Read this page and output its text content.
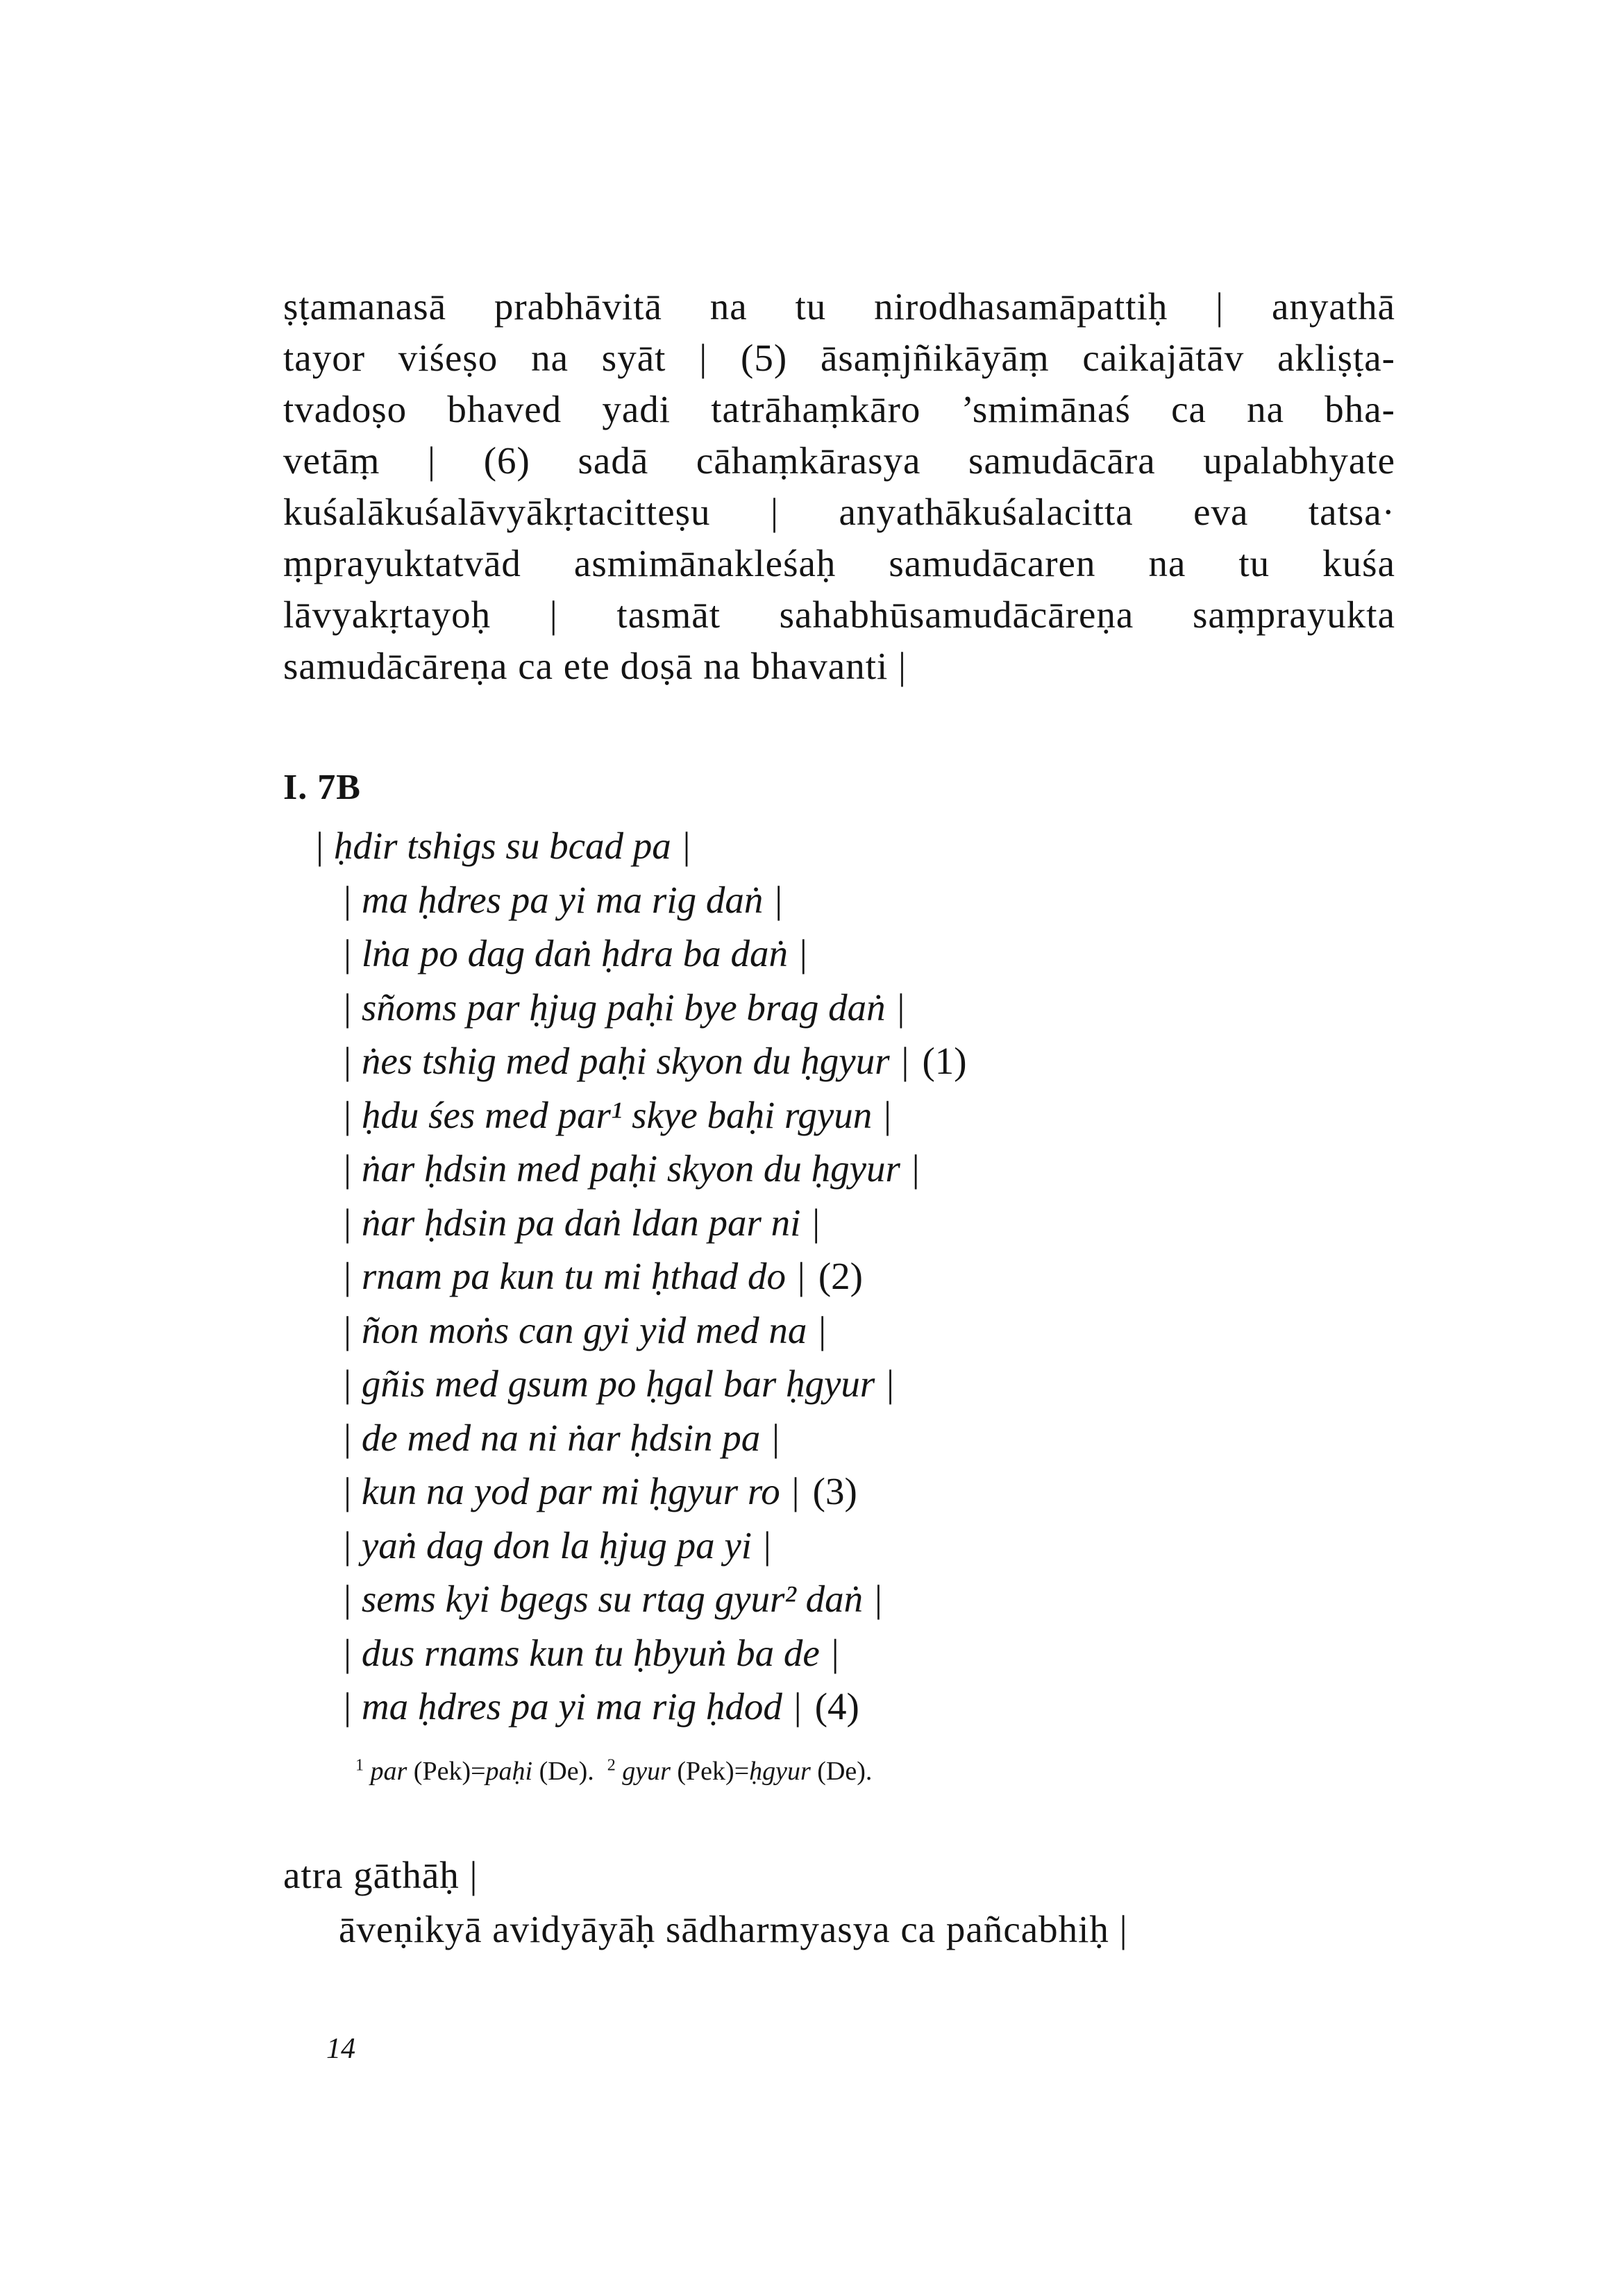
ṣṭamanasā prabhāvitā na tu nirodhasamāpattiḥ | anyathā
tayor viśeṣo na syāt | (5) āsaṃjñikāyāṃ caikajātāv akliṣṭa-
tvadoṣo bhaved yadi tatrāhaṃkāro ’smimānaś ca na bha-
vetāṃ | (6) sadā cāhaṃkārasya samudācāra upalabhyate
kuśalākuśalāvyākṛtacitteṣu | anyathākuśalacitta eva tatsa·
ṃprayuktatvād asmimānakleśaḥ samudācaren na tu kuśa
lāvyakṛtayoḥ | tasmāt sahabhūsamudācāreṇa saṃprayukta
samudācāreṇa ca ete doṣā na bhavanti |
I. 7B
| ḥdir tshigs su bcad pa |
| ma ḥdres pa yi ma rig daṅ |
| lṅa po dag daṅ ḥdra ba daṅ |
| sñoms par ḥjug paḥi bye brag daṅ |
| ṅes tshig med paḥi skyon du ḥgyur | (1)
| ḥdu śes med par¹ skye baḥi rgyun |
| ṅar ḥdsin med paḥi skyon du ḥgyur |
| ṅar ḥdsin pa daṅ ldan par ni |
| rnam pa kun tu mi ḥthad do | (2)
| ñon moṅs can gyi yid med na |
| gñis med gsum po ḥgal bar ḥgyur |
| de med na ni ṅar ḥdsin pa |
| kun na yod par mi ḥgyur ro | (3)
| yaṅ dag don la ḥjug pa yi |
| sems kyi bgegs su rtag gyur² daṅ |
| dus rnams kun tu ḥbyuṅ ba de |
| ma ḥdres pa yi ma rig ḥdod | (4)
$^1$ par (Pek)=paḥi (De). $^2$ gyur (Pek)=ḥgyur (De).
atra gāthāḥ |
āveṇikyā avidyāyāḥ sādharmyasya ca pañcabhiḥ |
14
